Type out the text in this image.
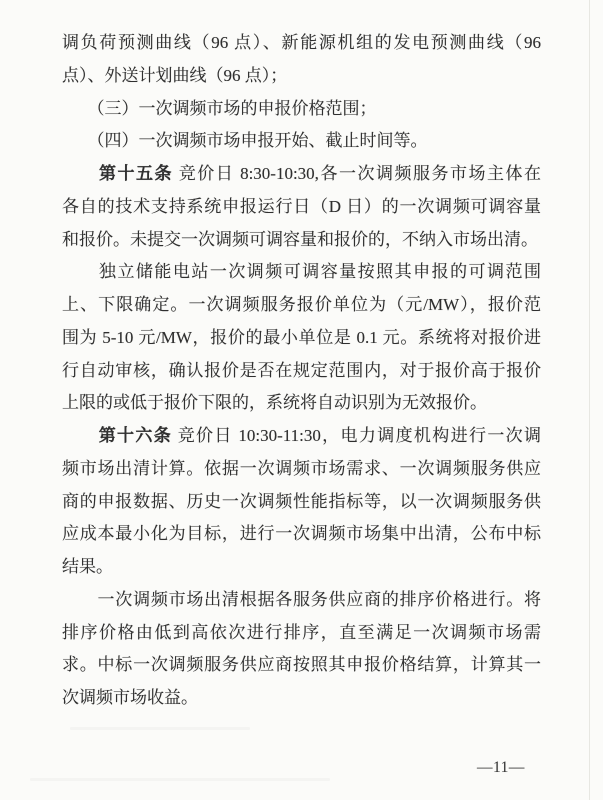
调负荷预测曲线（96 点）、新能源机组的发电预测曲线（96
点）、外送计划曲线（96 点）；
　　（三）一次调频市场的申报价格范围；
　　（四）一次调频市场申报开始、截止时间等。
　　第十五条 竞价日 8:30-10:30,各一次调频服务市场主体在
各自的技术支持系统申报运行日（D 日）的一次调频可调容量
和报价。未提交一次调频可调容量和报价的，不纳入市场出清。
　　独立储能电站一次调频可调容量按照其申报的可调范围
上、下限确定。一次调频服务报价单位为（元/MW），报价范
围为 5-10 元/MW，报价的最小单位是 0.1 元。系统将对报价进
行自动审核，确认报价是否在规定范围内，对于报价高于报价
上限的或低于报价下限的，系统将自动识别为无效报价。
　　第十六条 竞价日 10:30-11:30，电力调度机构进行一次调
频市场出清计算。依据一次调频市场需求、一次调频服务供应
商的申报数据、历史一次调频性能指标等，以一次调频服务供
应成本最小化为目标，进行一次调频市场集中出清，公布中标
结果。
　　一次调频市场出清根据各服务供应商的排序价格进行。将
排序价格由低到高依次进行排序，直至满足一次调频市场需
求。中标一次调频服务供应商按照其申报价格结算，计算其一
次调频市场收益。
—11—
